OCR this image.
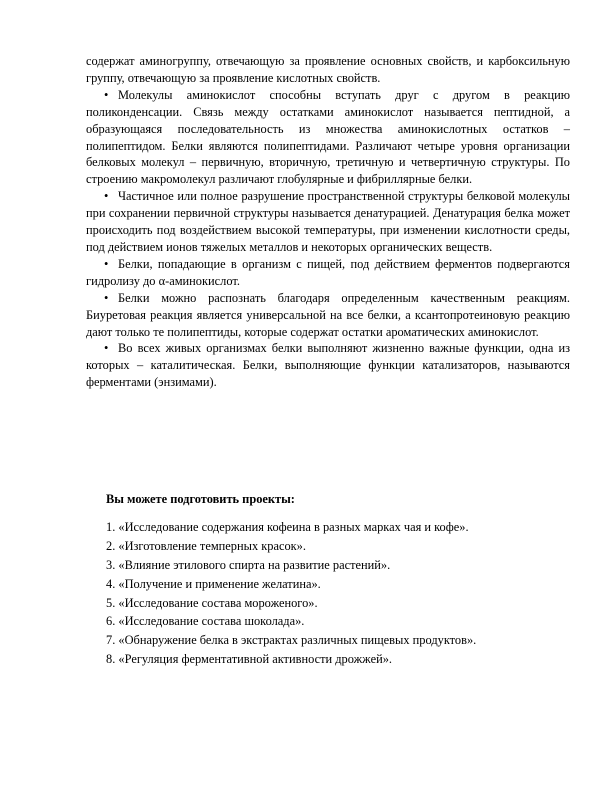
содержат аминогруппу, отвечающую за проявление основных свойств, и карбоксильную группу, отвечающую за проявление кислотных свойств.

• Молекулы аминокислот способны вступать друг с другом в реакцию поликонденсации. Связь между остатками аминокислот называется пептидной, а образующаяся последовательность из множества аминокислотных остатков – полипептидом. Белки являются полипептидами. Различают четыре уровня организации белковых молекул – первичную, вторичную, третичную и четвертичную структуры. По строению макромолекул различают глобулярные и фибриллярные белки.

• Частичное или полное разрушение пространственной структуры белковой молекулы при сохранении первичной структуры называется денатурацией. Денатурация белка может происходить под воздействием высокой температуры, при изменении кислотности среды, под действием ионов тяжелых металлов и некоторых органических веществ.

• Белки, попадающие в организм с пищей, под действием ферментов подвергаются гидролизу до α-аминокислот.

• Белки можно распознать благодаря определенным качественным реакциям. Биуретовая реакция является универсальной на все белки, а ксантопротеиновую реакцию дают только те полипептиды, которые содержат остатки ароматических аминокислот.

• Во всех живых организмах белки выполняют жизненно важные функции, одна из которых – каталитическая. Белки, выполняющие функции катализаторов, называются ферментами (энзимами).

Вы можете подготовить проекты:
1. «Исследование содержания кофеина в разных марках чая и кофе».
2. «Изготовление темперных красок».
3. «Влияние этилового спирта на развитие растений».
4. «Получение и применение желатина».
5. «Исследование состава мороженого».
6. «Исследование состава шоколада».
7. «Обнаружение белка в экстрактах различных пищевых продуктов».
8. «Регуляция ферментативной активности дрожжей».
